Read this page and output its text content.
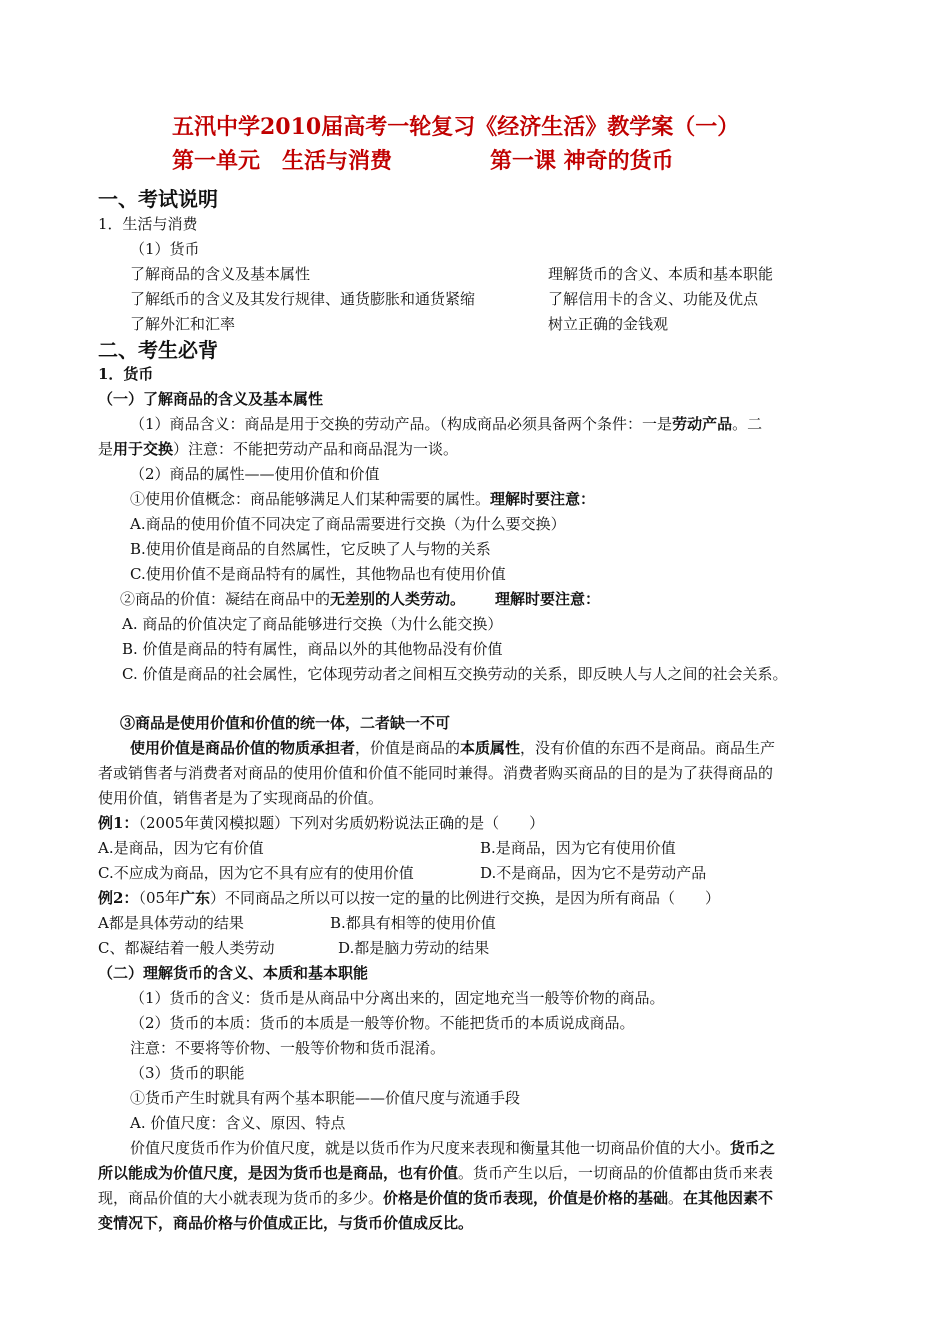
五汛中学2010届高考一轮复习《经济生活》教学案（一）
第一单元　生活与消费	第一课 神奇的货币
一、考试说明
1．生活与消费
（1）货币
了解商品的含义及基本属性	理解货币的含义、本质和基本职能
了解纸币的含义及其发行规律、通货膨胀和通货紧缩	了解信用卡的含义、功能及优点
了解外汇和汇率	树立正确的金钱观
二、考生必背
1．货币
（一）了解商品的含义及基本属性
（1）商品含义：商品是用于交换的劳动产品。（构成商品必须具备两个条件：一是劳动产品。二
是用于交换）注意：不能把劳动产品和商品混为一谈。
（2）商品的属性——使用价值和价值
①使用价值概念：商品能够满足人们某种需要的属性。理解时要注意：
A.商品的使用价值不同决定了商品需要进行交换（为什么要交换）
B.使用价值是商品的自然属性，它反映了人与物的关系
C.使用价值不是商品特有的属性，其他物品也有使用价值
②商品的价值：凝结在商品中的无差别的人类劳动。 理解时要注意：
A. 商品的价值决定了商品能够进行交换（为什么能交换）
B. 价值是商品的特有属性，商品以外的其他物品没有价值
C. 价值是商品的社会属性，它体现劳动者之间相互交换劳动的关系，即反映人与人之间的社会关系。
③商品是使用价值和价值的统一体，二者缺一不可
使用价值是商品价值的物质承担者，价值是商品的本质属性，没有价值的东西不是商品。商品生产
者或销售者与消费者对商品的使用价值和价值不能同时兼得。消费者购买商品的目的是为了获得商品的
使用价值，销售者是为了实现商品的价值。
例1：（2005年黄冈模拟题）下列对劣质奶粉说法正确的是（　　）
A.是商品，因为它有价值	B.是商品，因为它有使用价值
C.不应成为商品，因为它不具有应有的使用价值	D.不是商品，因为它不是劳动产品
例2：（05年广东）不同商品之所以可以按一定的量的比例进行交换，是因为所有商品（　　）
A都是具体劳动的结果	B.都具有相等的使用价值
C、都凝结着一般人类劳动	D.都是脑力劳动的结果
（二）理解货币的含义、本质和基本职能
（1）货币的含义：货币是从商品中分离出来的，固定地充当一般等价物的商品。
（2）货币的本质：货币的本质是一般等价物。不能把货币的本质说成商品。
注意：不要将等价物、一般等价物和货币混淆。
（3）货币的职能
①货币产生时就具有两个基本职能——价值尺度与流通手段
A. 价值尺度：含义、原因、特点
价值尺度货币作为价值尺度，就是以货币作为尺度来表现和衡量其他一切商品价值的大小。货币之
所以能成为价值尺度，是因为货币也是商品，也有价值。货币产生以后，一切商品的价值都由货币来表
现，商品价值的大小就表现为货币的多少。价格是价值的货币表现，价值是价格的基础。在其他因素不
变情况下，商品价格与价值成正比，与货币价值成反比。
